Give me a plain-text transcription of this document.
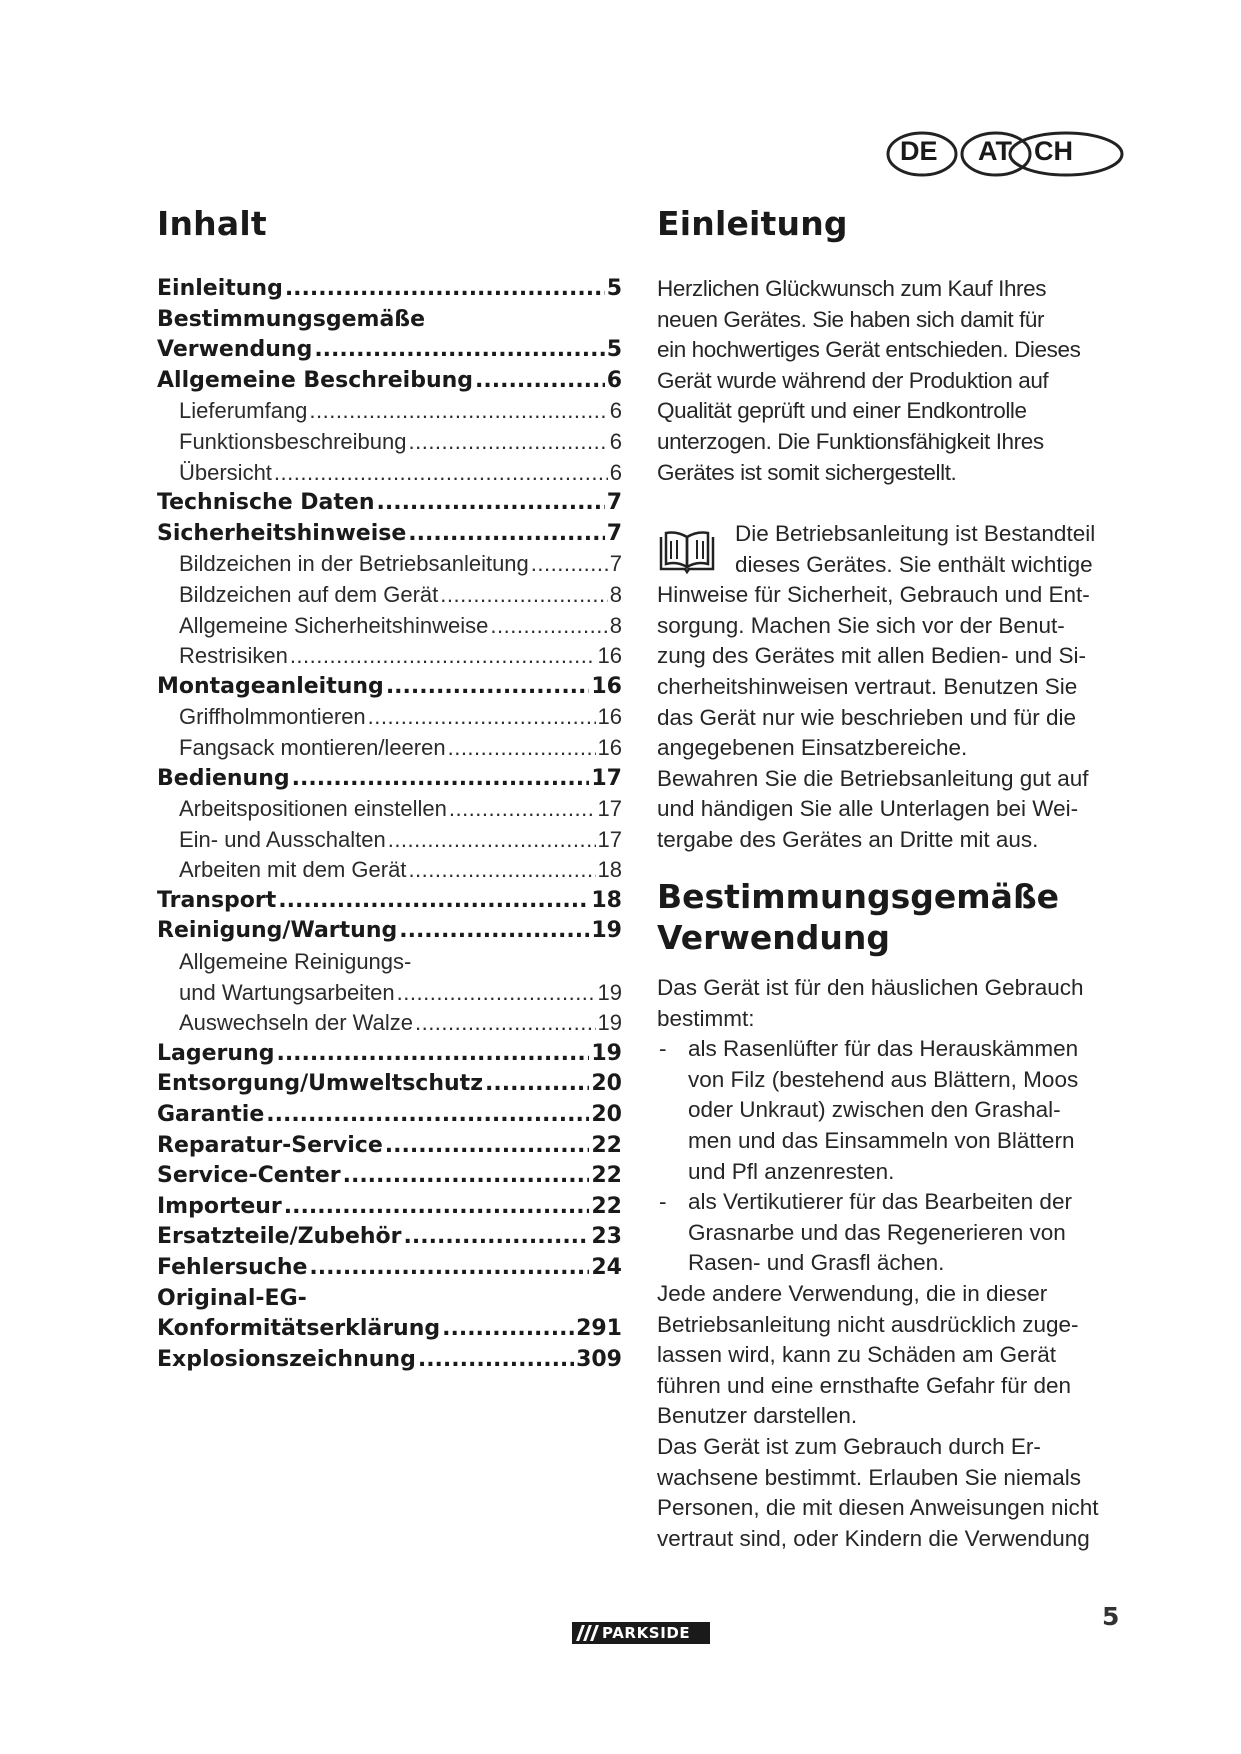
DE AT CH
Inhalt
Einleitung .....	5
Bestimmungsgemäße
Verwendung .....	5
Allgemeine Beschreibung .....	6
Lieferumfang .....	6
Funktionsbeschreibung .....	6
Übersicht .....	6
Technische Daten .....	7
Sicherheitshinweise .....	7
Bildzeichen in der Betriebsanleitung .....	7
Bildzeichen auf dem Gerät .....	8
Allgemeine Sicherheitshinweise .....	8
Restrisiken .....	16
Montageanleitung .....	16
Griffholmmontieren .....	16
Fangsack montieren/leeren .....	16
Bedienung .....	17
Arbeitspositionen einstellen .....	17
Ein- und Ausschalten .....	17
Arbeiten mit dem Gerät .....	18
Transport .....	18
Reinigung/Wartung .....	19
Allgemeine Reinigungs-
und Wartungsarbeiten .....	19
Auswechseln der Walze .....	19
Lagerung .....	19
Entsorgung/Umweltschutz .....	20
Garantie .....	20
Reparatur-Service .....	22
Service-Center .....	22
Importeur .....	22
Ersatzteile/Zubehör .....	23
Fehlersuche .....	24
Original-EG-
Konformitätserklärung .....	291
Explosionszeichnung .....	309
Einleitung

Herzlichen Glückwunsch zum Kauf Ihres

neuen Gerätes. Sie haben sich damit für

ein hochwertiges Gerät entschieden. Dieses

Gerät wurde während der Produktion auf

Qualität geprüft und einer Endkontrolle

unterzogen. Die Funktionsfähigkeit Ihres

Gerätes ist somit sichergestellt.

Die Betriebsanleitung ist Bestandteil

dieses Gerätes. Sie enthält wichtige

Hinweise für Sicherheit, Gebrauch und Ent-

sorgung. Machen Sie sich vor der Benut-

zung des Gerätes mit allen Bedien- und Si-

cherheitshinweisen vertraut. Benutzen Sie

das Gerät nur wie beschrieben und für die

angegebenen Einsatzbereiche.

Bewahren Sie die Betriebsanleitung gut auf

und händigen Sie alle Unterlagen bei Wei-

tergabe des Gerätes an Dritte mit aus.

Bestimmungsgemäße
Verwendung

Das Gerät ist für den häuslichen Gebrauch

bestimmt:

- als Rasenlüfter für das Herauskämmen
von Filz (bestehend aus Blättern, Moos
oder Unkraut) zwischen den Grashal-
men und das Einsammeln von Blättern
und Pfl anzenresten.
- als Vertikutierer für das Bearbeiten der
Grasnarbe und das Regenerieren von
Rasen- und Grasfl ächen.

Jede andere Verwendung, die in dieser

Betriebsanleitung nicht ausdrücklich zuge-

lassen wird, kann zu Schäden am Gerät

führen und eine ernsthafte Gefahr für den

Benutzer darstellen.

Das Gerät ist zum Gebrauch durch Er-

wachsene bestimmt. Erlauben Sie niemals

Personen, die mit diesen Anweisungen nicht

vertraut sind, oder Kindern die Verwendung

PARKSIDE
5
